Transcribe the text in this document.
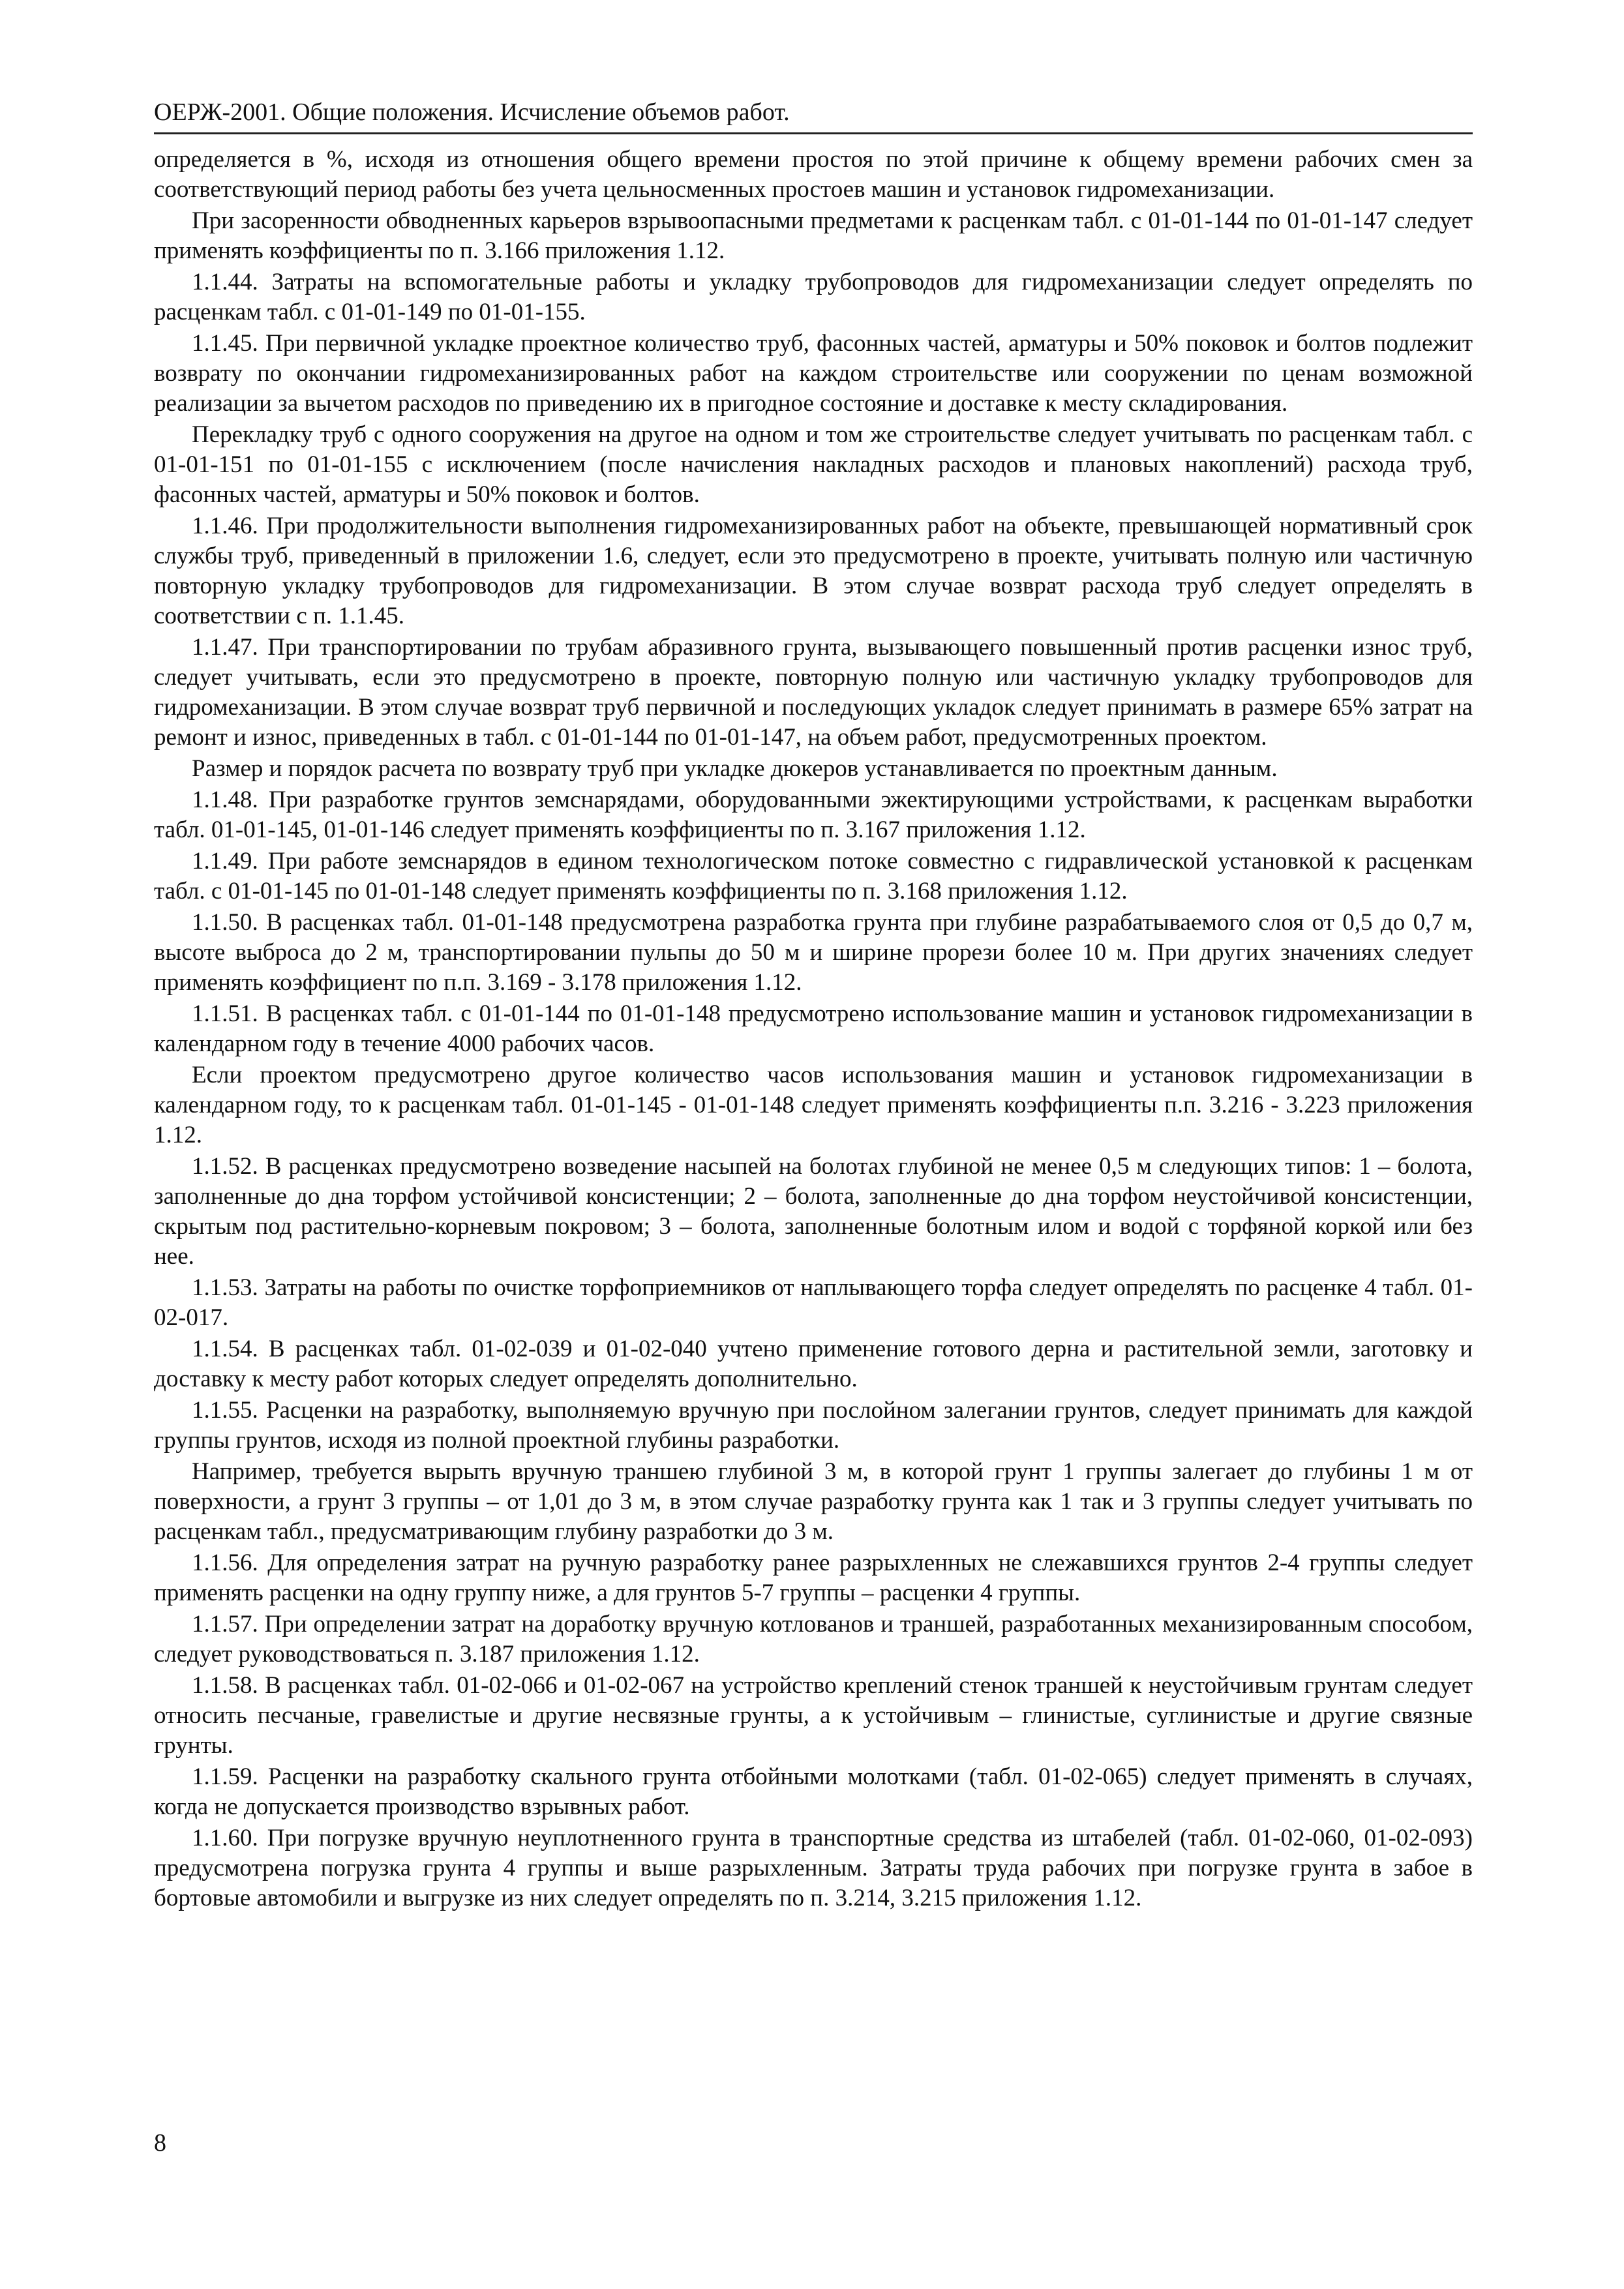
ОЕРЖ-2001. Общие положения. Исчисление объемов работ.

определяется в %, исходя из отношения общего времени простоя по этой причине к общему времени рабочих смен за соответствующий период работы без учета цельносменных простоев машин и установок гидромеханизации.

При засоренности обводненных карьеров взрывоопасными предметами к расценкам табл. с 01-01-144 по 01-01-147 следует применять коэффициенты по п. 3.166 приложения 1.12.

1.1.44. Затраты на вспомогательные работы и укладку трубопроводов для гидромеханизации следует определять по расценкам табл. с 01-01-149 по 01-01-155.

1.1.45. При первичной укладке проектное количество труб, фасонных частей, арматуры и 50% поковок и болтов подлежит возврату по окончании гидромеханизированных работ на каждом строительстве или сооружении по ценам возможной реализации за вычетом расходов по приведению их в пригодное состояние и доставке к месту складирования.

Перекладку труб с одного сооружения на другое на одном и том же строительстве следует учитывать по расценкам табл. с 01-01-151 по 01-01-155 с исключением (после начисления накладных расходов и плановых накоплений) расхода труб, фасонных частей, арматуры и 50% поковок и болтов.

1.1.46. При продолжительности выполнения гидромеханизированных работ на объекте, превышающей нормативный срок службы труб, приведенный в приложении 1.6, следует, если это предусмотрено в проекте, учитывать полную или частичную повторную укладку трубопроводов для гидромеханизации. В этом случае возврат расхода труб следует определять в соответствии с п. 1.1.45.

1.1.47. При транспортировании по трубам абразивного грунта, вызывающего повышенный против расценки износ труб, следует учитывать, если это предусмотрено в проекте, повторную полную или частичную укладку трубопроводов для гидромеханизации. В этом случае возврат труб первичной и последующих укладок следует принимать в размере 65% затрат на ремонт и износ, приведенных в табл. с 01-01-144 по 01-01-147, на объем работ, предусмотренных проектом.

Размер и порядок расчета по возврату труб при укладке дюкеров устанавливается по проектным данным.

1.1.48. При разработке грунтов земснарядами, оборудованными эжектирующими устройствами, к расценкам выработки табл. 01-01-145, 01-01-146 следует применять коэффициенты по п. 3.167 приложения 1.12.

1.1.49. При работе земснарядов в едином технологическом потоке совместно с гидравлической установкой к расценкам табл. с 01-01-145 по 01-01-148 следует применять коэффициенты по п. 3.168 приложения 1.12.

1.1.50. В расценках табл. 01-01-148 предусмотрена разработка грунта при глубине разрабатываемого слоя от 0,5 до 0,7 м, высоте выброса до 2 м, транспортировании пульпы до 50 м и ширине прорези более 10 м. При других значениях следует применять коэффициент по п.п. 3.169 - 3.178 приложения 1.12.

1.1.51. В расценках табл. с 01-01-144 по 01-01-148 предусмотрено использование машин и установок гидромеханизации в календарном году в течение 4000 рабочих часов.

Если проектом предусмотрено другое количество часов использования машин и установок гидромеханизации в календарном году, то к расценкам табл. 01-01-145 - 01-01-148 следует применять коэффициенты п.п. 3.216 - 3.223 приложения 1.12.

1.1.52. В расценках предусмотрено возведение насыпей на болотах глубиной не менее 0,5 м следующих типов: 1 – болота, заполненные до дна торфом устойчивой консистенции; 2 – болота, заполненные до дна торфом неустойчивой консистенции, скрытым под растительно-корневым покровом; 3 – болота, заполненные болотным илом и водой с торфяной коркой или без нее.

1.1.53. Затраты на работы по очистке торфоприемников от наплывающего торфа следует определять по расценке 4 табл. 01-02-017.

1.1.54. В расценках табл. 01-02-039 и 01-02-040 учтено применение готового дерна и растительной земли, заготовку и доставку к месту работ которых следует определять дополнительно.

1.1.55. Расценки на разработку, выполняемую вручную при послойном залегании грунтов, следует принимать для каждой группы грунтов, исходя из полной проектной глубины разработки.

Например, требуется вырыть вручную траншею глубиной 3 м, в которой грунт 1 группы залегает до глубины 1 м от поверхности, а грунт 3 группы – от 1,01 до 3 м, в этом случае разработку грунта как 1 так и 3 группы следует учитывать по расценкам табл., предусматривающим глубину разработки до 3 м.

1.1.56. Для определения затрат на ручную разработку ранее разрыхленных не слежавшихся грунтов 2-4 группы следует применять расценки на одну группу ниже, а для грунтов 5-7 группы – расценки 4 группы.

1.1.57. При определении затрат на доработку вручную котлованов и траншей, разработанных механизированным способом, следует руководствоваться п. 3.187 приложения 1.12.

1.1.58. В расценках табл. 01-02-066 и 01-02-067 на устройство креплений стенок траншей к неустойчивым грунтам следует относить песчаные, гравелистые и другие несвязные грунты, а к устойчивым – глинистые, суглинистые и другие связные грунты.

1.1.59. Расценки на разработку скального грунта отбойными молотками (табл. 01-02-065) следует применять в случаях, когда не допускается производство взрывных работ.

1.1.60. При погрузке вручную неуплотненного грунта в транспортные средства из штабелей (табл. 01-02-060, 01-02-093) предусмотрена погрузка грунта 4 группы и выше разрыхленным. Затраты труда рабочих при погрузке грунта в забое в бортовые автомобили и выгрузке из них следует определять по п. 3.214, 3.215 приложения 1.12.

8
